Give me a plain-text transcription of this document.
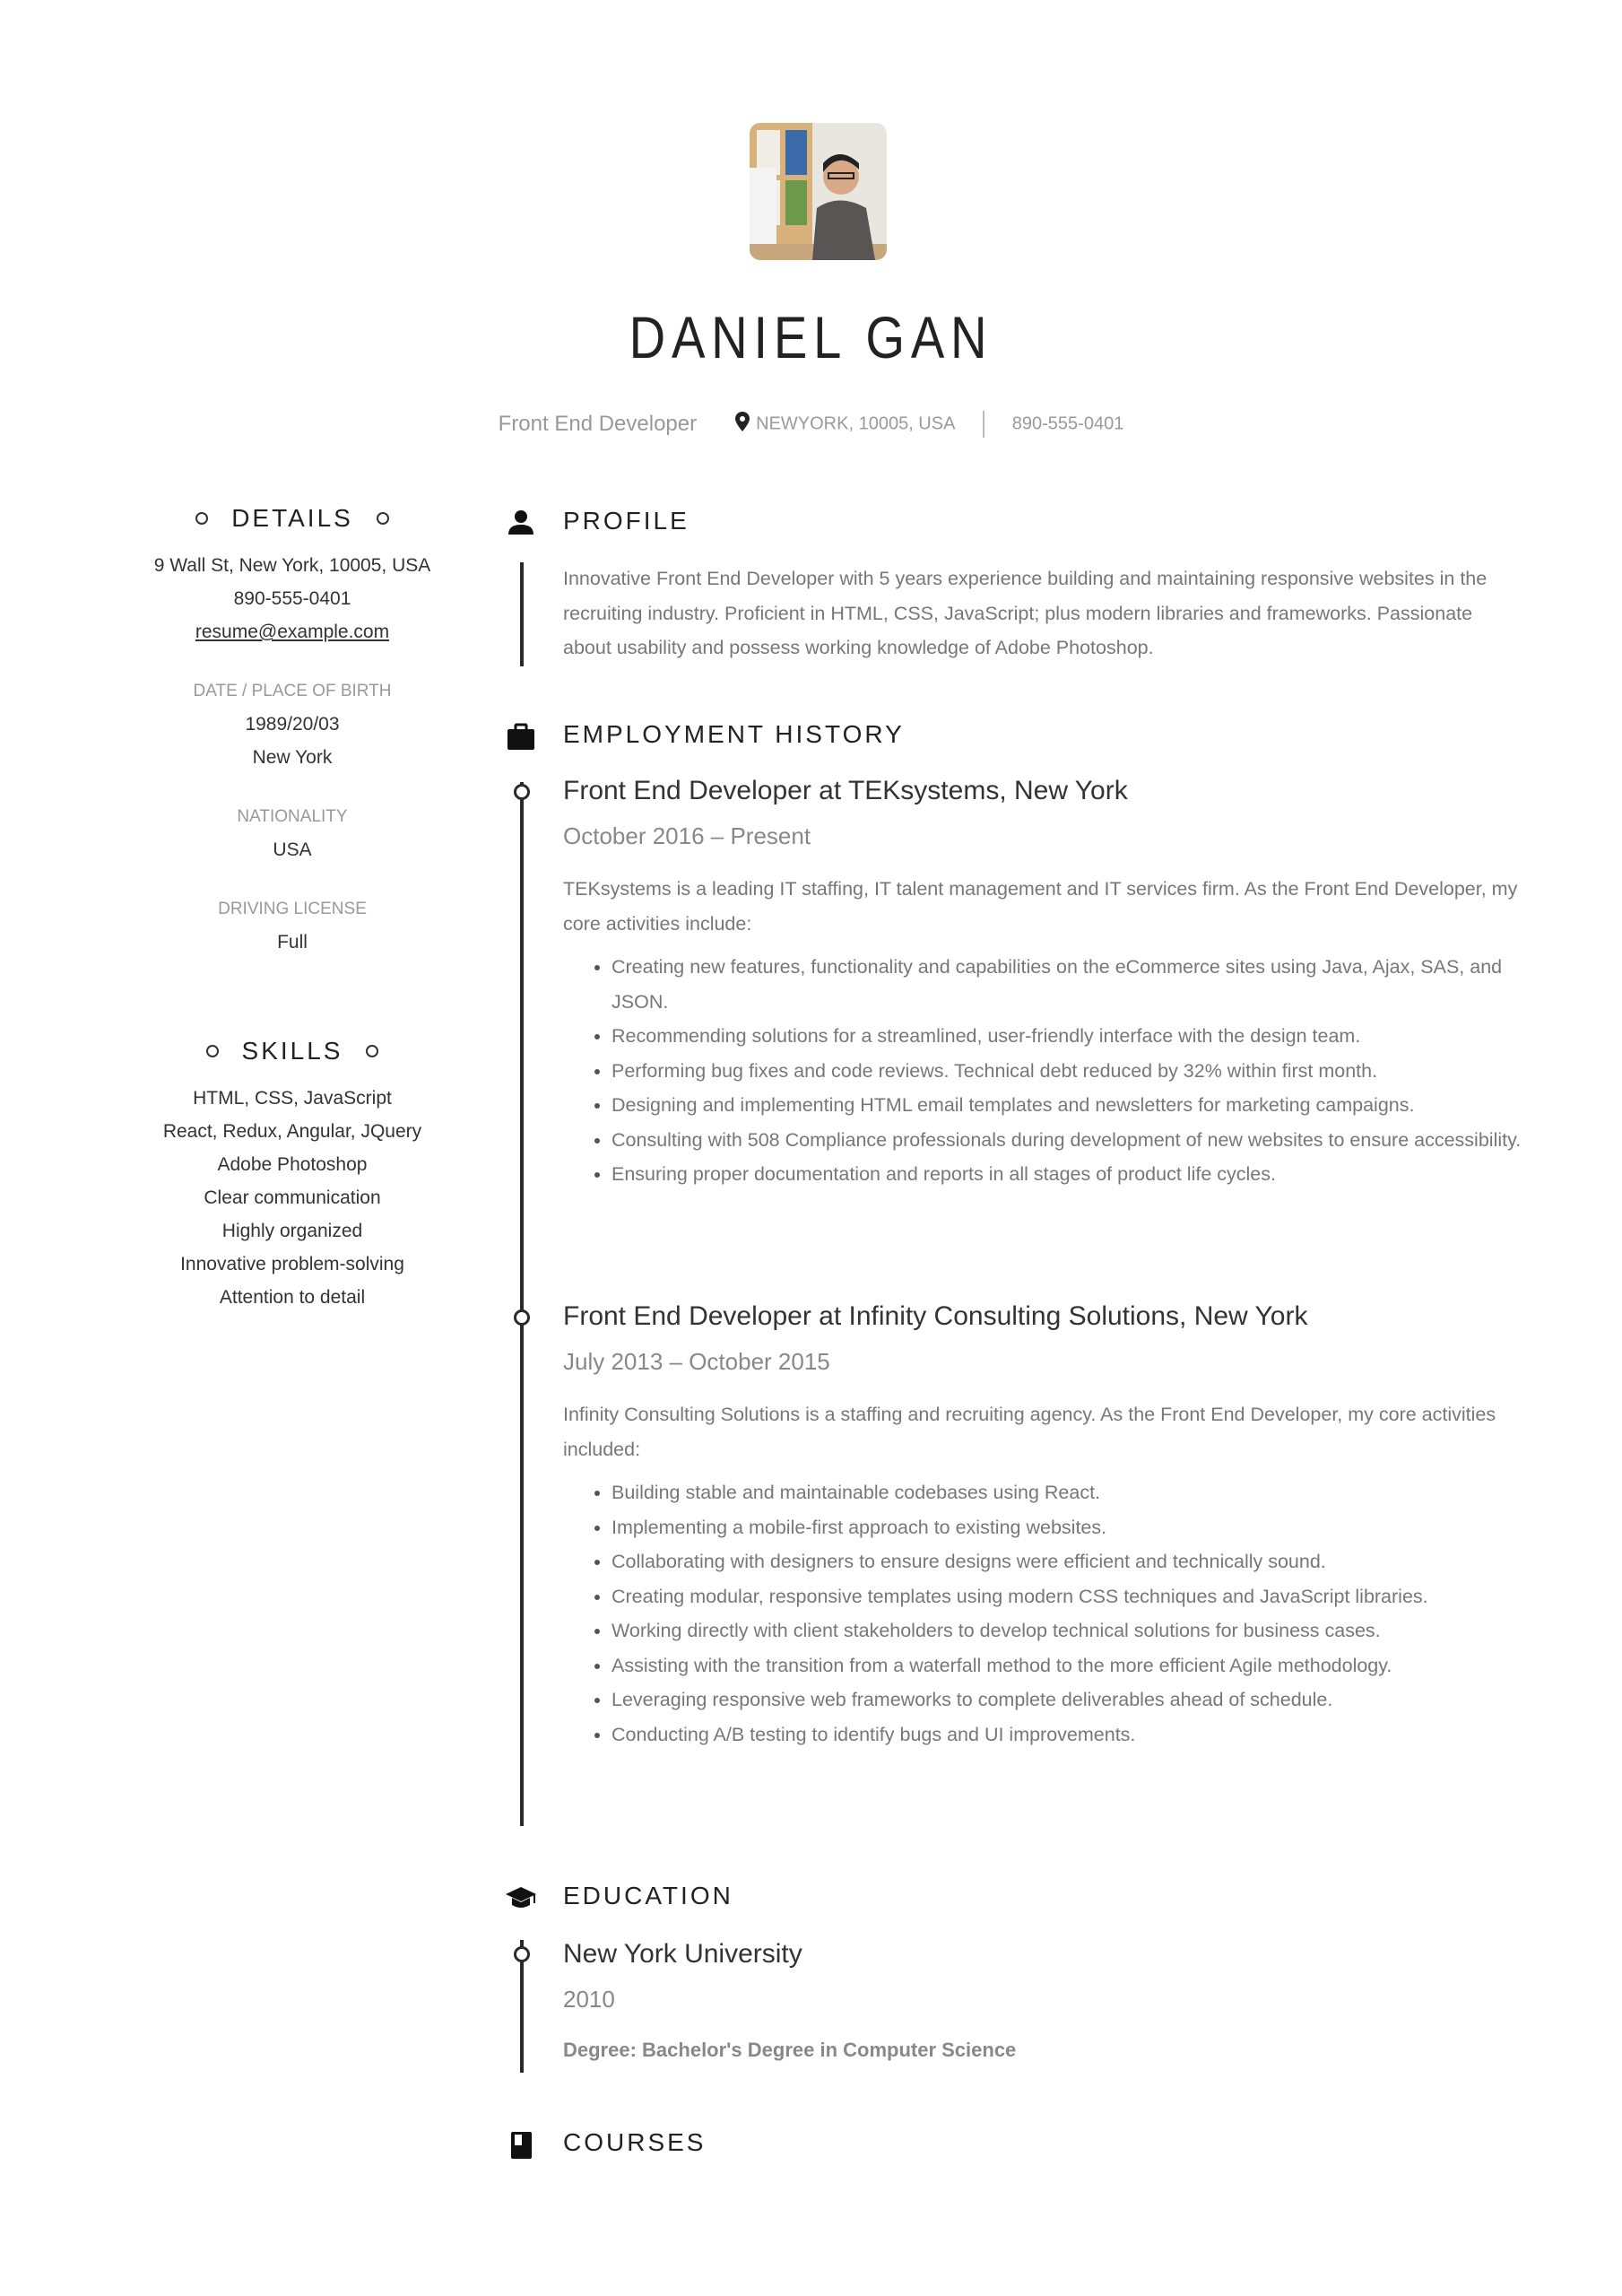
DANIEL GAN
Front End Developer	NEWYORK, 10005, USA	890-555-0401
DETAILS
9 Wall St, New York, 10005, USA
890-555-0401
resume@example.com
DATE / PLACE OF BIRTH
1989/20/03
New York
NATIONALITY
USA
DRIVING LICENSE
Full
SKILLS
HTML, CSS, JavaScript
React, Redux, Angular, JQuery
Adobe Photoshop
Clear communication
Highly organized
Innovative problem-solving
Attention to detail
PROFILE

Innovative Front End Developer with 5 years experience building and maintaining responsive websites in the recruiting industry. Proficient in HTML, CSS, JavaScript; plus modern libraries and frameworks. Passionate about usability and possess working knowledge of Adobe Photoshop.

EMPLOYMENT HISTORY
Front End Developer at TEKsystems, New York
October 2016 – Present

TEKsystems is a leading IT staffing, IT talent management and IT services firm. As the Front End Developer, my core activities include:

• Creating new features, functionality and capabilities on the eCommerce sites using Java, Ajax, SAS, and JSON.
• Recommending solutions for a streamlined, user-friendly interface with the design team.
• Performing bug fixes and code reviews. Technical debt reduced by 32% within first month.
• Designing and implementing HTML email templates and newsletters for marketing campaigns.
• Consulting with 508 Compliance professionals during development of new websites to ensure accessibility.
• Ensuring proper documentation and reports in all stages of product life cycles.
Front End Developer at Infinity Consulting Solutions, New York
July 2013 – October 2015

Infinity Consulting Solutions is a staffing and recruiting agency. As the Front End Developer, my core activities included:

• Building stable and maintainable codebases using React.
• Implementing a mobile-first approach to existing websites.
• Collaborating with designers to ensure designs were efficient and technically sound.
• Creating modular, responsive templates using modern CSS techniques and JavaScript libraries.
• Working directly with client stakeholders to develop technical solutions for business cases.
• Assisting with the transition from a waterfall method to the more efficient Agile methodology.
• Leveraging responsive web frameworks to complete deliverables ahead of schedule.
• Conducting A/B testing to identify bugs and UI improvements.
EDUCATION
New York University
2010
Degree: Bachelor's Degree in Computer Science
COURSES
